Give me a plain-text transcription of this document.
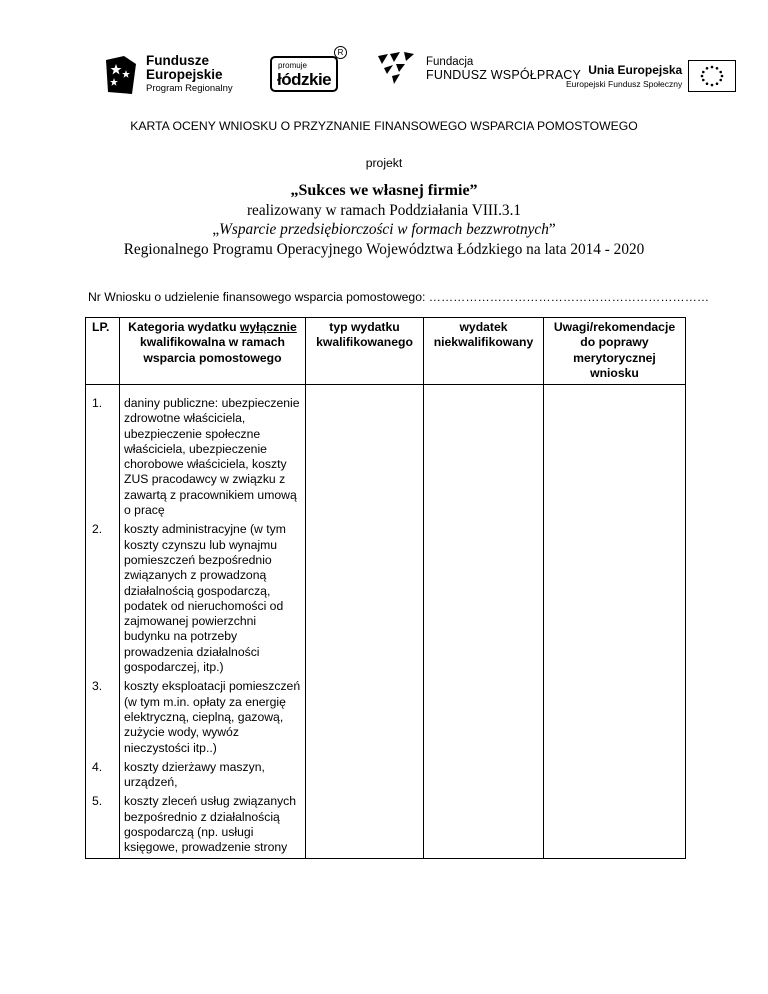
Fundusze
Europejskie
Program Regionalny
promuje
łódzkie
R
Fundacja
FUNDUSZ WSPÓŁPRACY Unia Europejska
Europejski Fundusz Społeczny
KARTA OCENY WNIOSKU O PRZYZNANIE FINANSOWEGO WSPARCIA POMOSTOWEGO
projekt
„Sukces we własnej firmie”
realizowany w ramach Poddziałania VIII.3.1
„Wsparcie przedsiębiorczości w formach bezzwrotnych”
Regionalnego Programu Operacyjnego Województwa Łódzkiego na lata 2014 - 2020
Nr Wniosku o udzielenie finansowego wsparcia pomostowego: ……………………………………………………………
LP.	Kategoria wydatku wyłącznie kwalifikowalna w ramach wsparcia pomostowego	typ wydatku kwalifikowanego	wydatek niekwalifikowany	Uwagi/rekomendacje do poprawy merytorycznej wniosku
1.	daniny publiczne: ubezpieczenie zdrowotne właściciela, ubezpieczenie społeczne właściciela, ubezpieczenie chorobowe właściciela, koszty ZUS pracodawcy w związku z zawartą z pracownikiem umową o pracę			
2.	koszty administracyjne (w tym koszty czynszu lub wynajmu pomieszczeń bezpośrednio związanych z prowadzoną działalnością gospodarczą, podatek od nieruchomości od zajmowanej powierzchni budynku na potrzeby prowadzenia działalności gospodarczej, itp.)			
3.	koszty eksploatacji pomieszczeń (w tym m.in. opłaty za energię elektryczną, cieplną, gazową, zużycie wody, wywóz nieczystości itp..)			
4.	koszty dzierżawy maszyn, urządzeń,			
5.	koszty zleceń usług związanych bezpośrednio z działalnością gospodarczą (np. usługi księgowe, prowadzenie strony			
